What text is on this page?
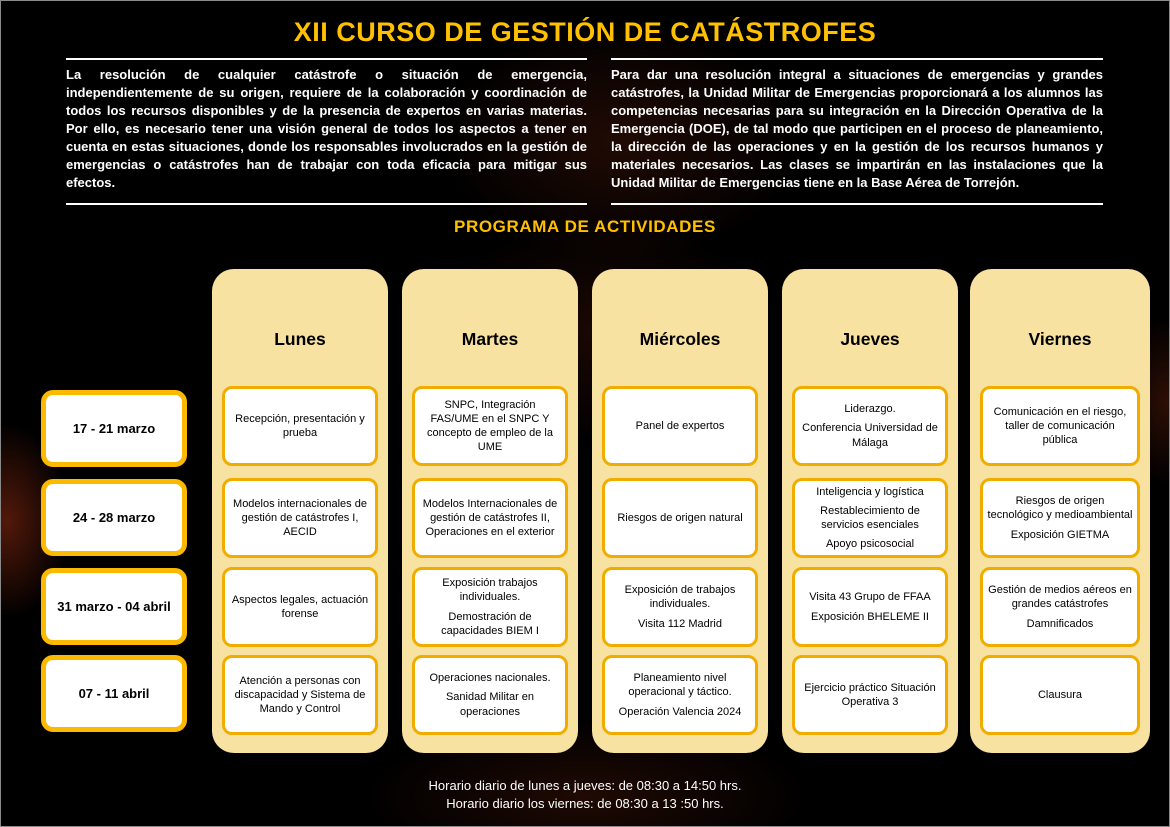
XII CURSO DE GESTIÓN DE CATÁSTROFES

La resolución de cualquier catástrofe o situación de emergencia, independientemente de su origen, requiere de la colaboración y coordinación de todos los recursos disponibles y de la presencia de expertos en varias materias. Por ello, es necesario tener una visión general de todos los aspectos a tener en cuenta en estas situaciones, donde los responsables involucrados en la gestión de emergencias o catástrofes han de trabajar con toda eficacia para mitigar sus efectos.

Para dar una resolución integral a situaciones de emergencias y grandes catástrofes, la Unidad Militar de Emergencias proporcionará a los alumnos las competencias necesarias para su integración en la Dirección Operativa de la Emergencia (DOE), de tal modo que participen en el proceso de planeamiento, la dirección de las operaciones y en la gestión de los recursos humanos y materiales necesarios. Las clases se impartirán en las instalaciones que la Unidad Militar de Emergencias tiene en la Base Aérea de Torrejón.

PROGRAMA DE ACTIVIDADES
17 - 21 marzo
24 - 28 marzo
31 marzo - 04 abril
07 - 11 abril
Lunes
Recepción, presentación y prueba
Modelos internacionales de gestión de catástrofes I, AECID
Aspectos legales, actuación forense
Atención a personas con discapacidad y Sistema de Mando y Control
Martes
SNPC, Integración FAS/UME en el SNPC Y concepto de empleo de la UME
Modelos Internacionales de gestión de catástrofes II, Operaciones en el exterior
Exposición trabajos individuales.
Demostración de capacidades BIEM I
Operaciones nacionales.
Sanidad Militar en operaciones
Miércoles
Panel de expertos
Riesgos de origen natural
Exposición de trabajos individuales.
Visita 112 Madrid
Planeamiento nivel operacional y táctico.
Operación Valencia 2024
Jueves
Liderazgo.
Conferencia Universidad de Málaga
Inteligencia y logística
Restablecimiento de servicios esenciales
Apoyo psicosocial
Visita 43 Grupo de FFAA
Exposición BHELEME II
Ejercicio práctico Situación Operativa 3
Viernes
Comunicación en el riesgo, taller de comunicación pública
Riesgos de origen tecnológico y medioambiental
Exposición GIETMA
Gestión de medios aéreos en grandes catástrofes
Damnificados
Clausura
Horario diario de lunes a jueves: de 08:30 a 14:50 hrs.
Horario diario los viernes: de 08:30 a 13 :50 hrs.
